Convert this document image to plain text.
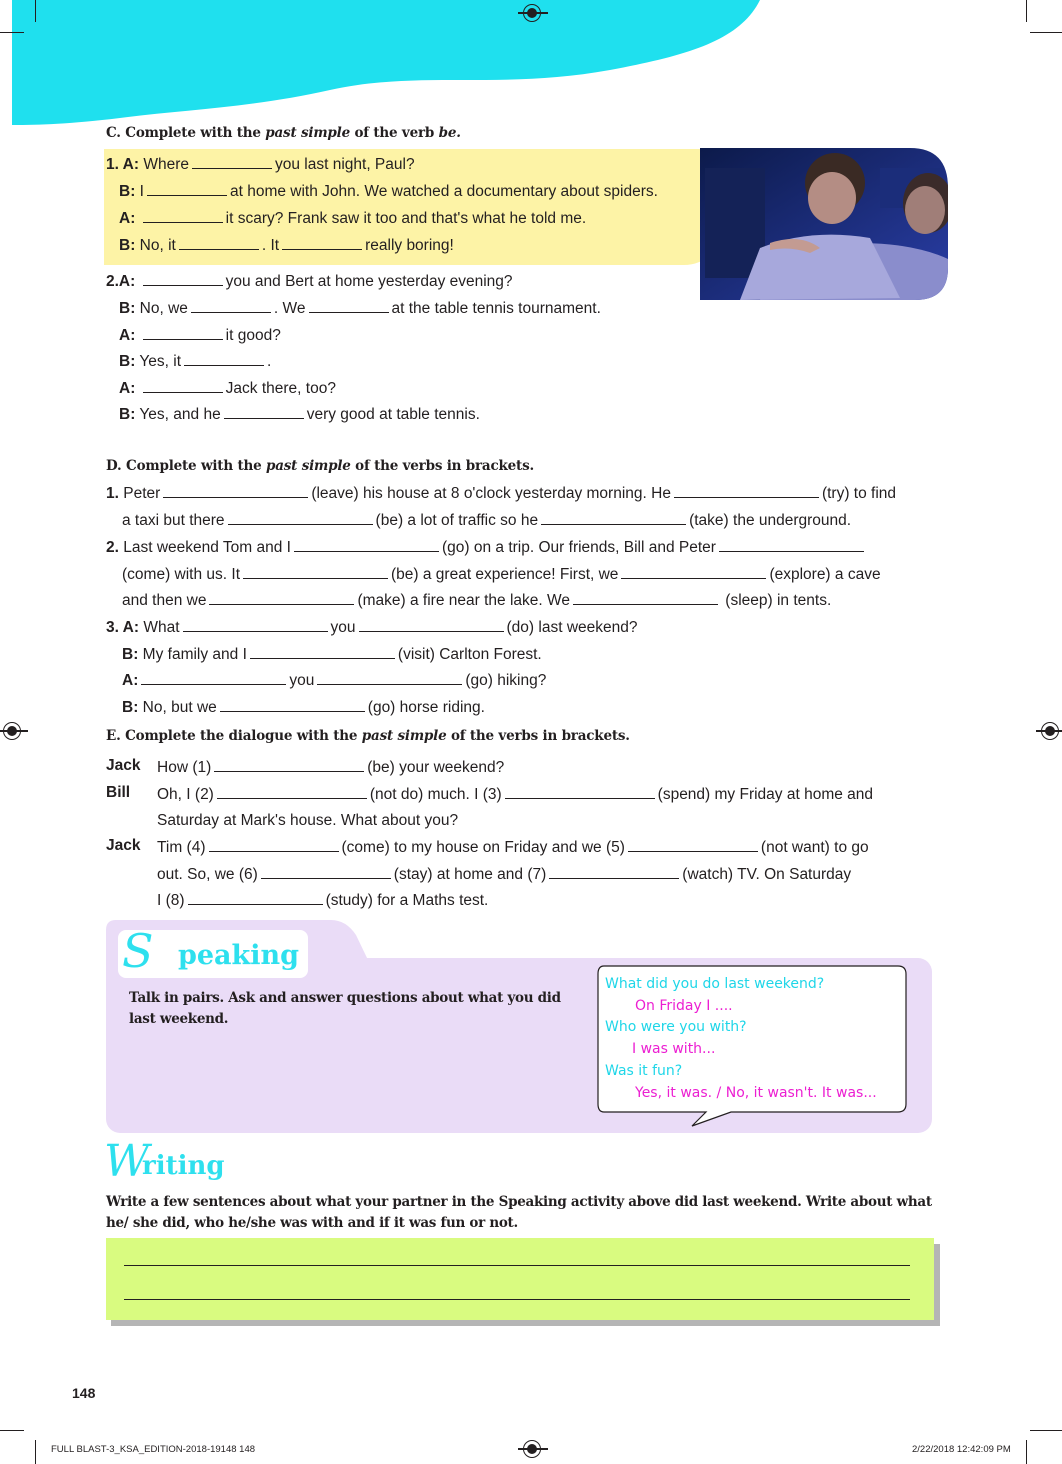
C. Complete with the past simple of the verb be.
1. A: Where	you last night, Paul?
B: I	at home with John. We watched a documentary about spiders.
A:	it scary? Frank saw it too and that's what he told me.
B: No, it	. It	really boring!
2.A:	you and Bert at home yesterday evening?
B: No, we	. We	at the table tennis tournament.
A:	it good?
B: Yes, it	.
A:	Jack there, too?
B: Yes, and he	very good at table tennis.
D. Complete with the past simple of the verbs in brackets.
1. Peter	(leave) his house at 8 o'clock yesterday morning. He	(try) to find
a taxi but there	(be) a lot of traffic so he	(take) the underground.
2. Last weekend Tom and I	(go) on a trip. Our friends, Bill and Peter
(come) with us. It	(be) a great experience! First, we	(explore) a cave
and then we	(make) a fire near the lake. We	(sleep) in tents.
3. A: What	you	(do) last weekend?
B: My family and I	(visit) Carlton Forest.
A:	you	(go) hiking?
B: No, but we	(go) horse riding.
E. Complete the dialogue with the past simple of the verbs in brackets.
Jack How (1)	(be) your weekend?
Bill Oh, I (2)	(not do) much. I (3)	(spend) my Friday at home and
Saturday at Mark's house. What about you?
Jack Tim (4)	(come) to my house on Friday and we (5)	(not want) to go
out. So, we (6)	(stay) at home and (7)	(watch) TV. On Saturday
I (8)	(study) for a Maths test.
S peaking
Talk in pairs. Ask and answer questions about what you did last weekend.
What did you do last weekend?
On Friday I ....
Who were you with?
I was with...
Was it fun?
Yes, it was. / No, it wasn't. It was...
W
riting
Write a few sentences about what your partner in the Speaking activity above did last weekend. Write about what he/ she did, who he/she was with and if it was fun or not.
148
FULL BLAST-3_KSA_EDITION-2018-19148 148	2/22/2018 12:42:09 PM
